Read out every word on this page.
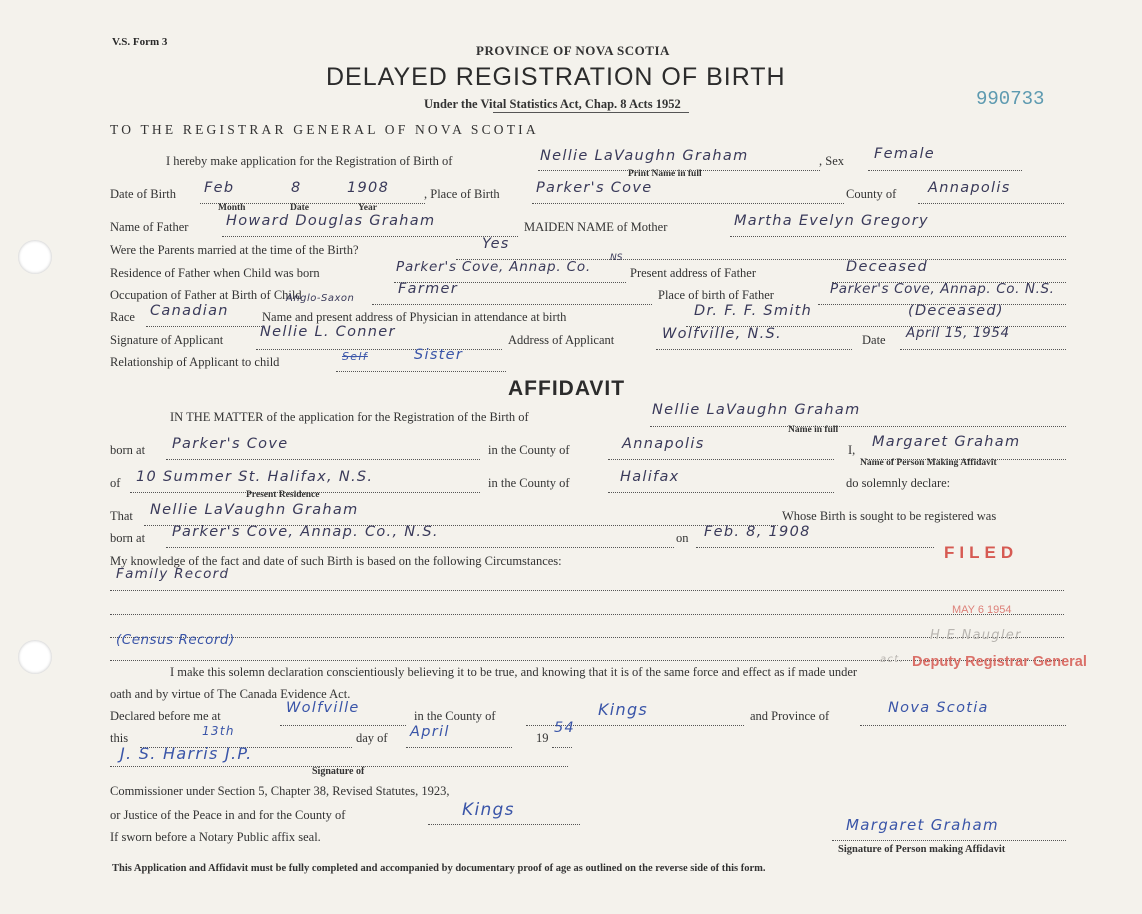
V.S. Form 3
PROVINCE OF NOVA SCOTIA
DELAYED REGISTRATION OF BIRTH
Under the Vital Statistics Act, Chap. 8 Acts 1952	990733
TO THE REGISTRAR GENERAL OF NOVA SCOTIA
I hereby make application for the Registration of Birth of	Nellie LaVaughn Graham	, Sex Female
Print Name in full
Date of Birth Feb	8	1908
Month	Date	Year
, Place of Birth	Parker's Cove	County of Annapolis
Name of Father	Howard Douglas Graham	MAIDEN NAME of Mother	Martha Evelyn Gregory
Were the Parents married at the time of the Birth?	Yes
Residence of Father when Child was born	Parker's Cove, Annap. Co.
NS
Present address of Father	Deceased
Occupation of Father at Birth of Child	Farmer	Place of birth of Father	Parker's Cove, Annap. Co. N.S.
Race Canadian
Anglo-Saxon
Name and present address of Physician in attendance at birth	Dr. F. F. Smith	(Deceased)
Signature of Applicant	Nellie L. Conner	Address of Applicant	Wolfville, N.S.	Date April 15, 1954
Relationship of Applicant to child	Self	Sister
AFFIDAVIT
IN THE MATTER of the application for the Registration of the Birth of	Nellie LaVaughn Graham
Name in full
born at Parker's Cove	in the County of	Annapolis	I, Margaret Graham
Name of Person Making Affidavit
of 10 Summer St. Halifax, N.S.
Present Residence
in the County of	Halifax	do solemnly declare:
That Nellie LaVaughn Graham	Whose Birth is sought to be registered was
born at Parker's Cove, Annap. Co., N.S.	on Feb. 8, 1908
My knowledge of the fact and date of such Birth is based on the following Circumstances:
Family Record
(Census Record)
I make this solemn declaration conscientiously believing it to be true, and knowing that it is of the same force and effect as if made under
oath and by virtue of The Canada Evidence Act.
Declared before me at	Wolfville	in the County of	Kings	and Province of	Nova Scotia
this	13th	day of April	19
54
J. S. Harris J.P.
Signature of
Commissioner under Section 5, Chapter 38, Revised Statutes, 1923,
or Justice of the Peace in and for the County of	Kings
If sworn before a Notary Public affix seal.
Margaret Graham
Signature of Person making Affidavit
This Application and Affidavit must be fully completed and accompanied by documentary proof of age as outlined on the reverse side of this form.
FILED
MAY 6 1954
H.E.Naugler
act. Deputy Registrar General
